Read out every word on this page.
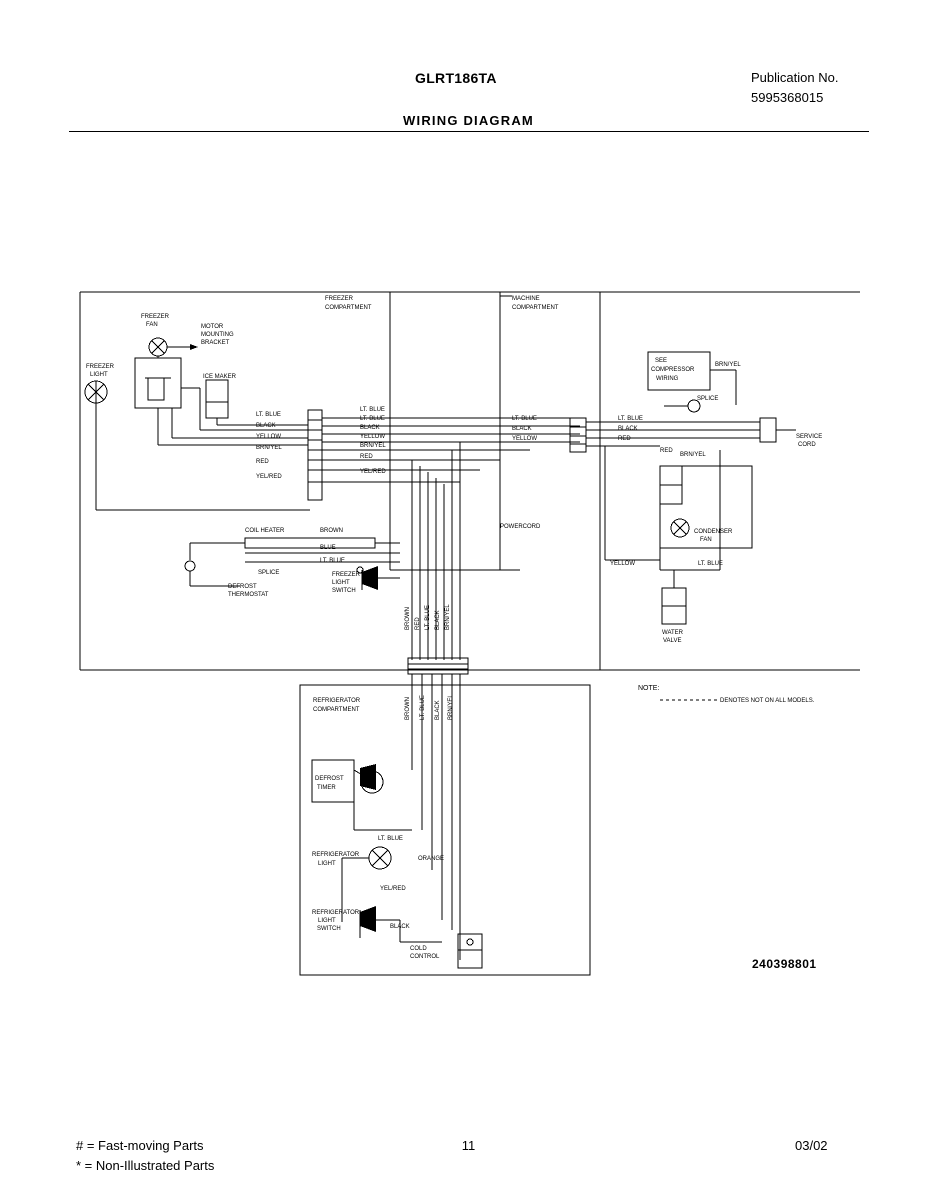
GLRT186TA	Publication No.
5995368015
WIRING DIAGRAM
FREEZER
COMPARTMENT
MACHINE
COMPARTMENT
REFRIGERATOR
COMPARTMENT
FREEZER
FAN	MOTOR
MOUNTING
BRACKET
FREEZER
LIGHT	ICE MAKER
COIL HEATER
SPLICE
DEFROST
THERMOSTAT
FREEZER
LIGHT
SWITCH
POWERCORD
SEE
COMPRESSOR
WIRING
SERVICE
CORD
CONDENSER
FAN
WATER
VALVE
DEFROST
TIMER
REFRIGERATOR
LIGHT
REFRIGERATOR
LIGHT
SWITCH
COLD
CONTROL
LT. BLUE
BLACK
YELLOW
BRN/YEL
RED
YEL/RED
LT. BLUE
LT. BLUE
BLACK
YELLOW
BRN/YEL
RED
YEL/RED
LT. BLUE
BLACK
YELLOW
LT. BLUE
BLACK
RED
BRN/YEL
SPLICE
RED
BRN/YEL
YELLOW	LT. BLUE
BROWN
BLUE
LT. BLUE
BROWN RED LT. BLUE BLACK BRN/YEL
BROWN LT. BLUE BLACK BRN/YEL
LT. BLUE
ORANGE
YEL/RED
BLACK
NOTE:
DENOTES NOT ON ALL MODELS.
240398801
# = Fast-moving Parts
* = Non-Illustrated Parts
11	03/02
